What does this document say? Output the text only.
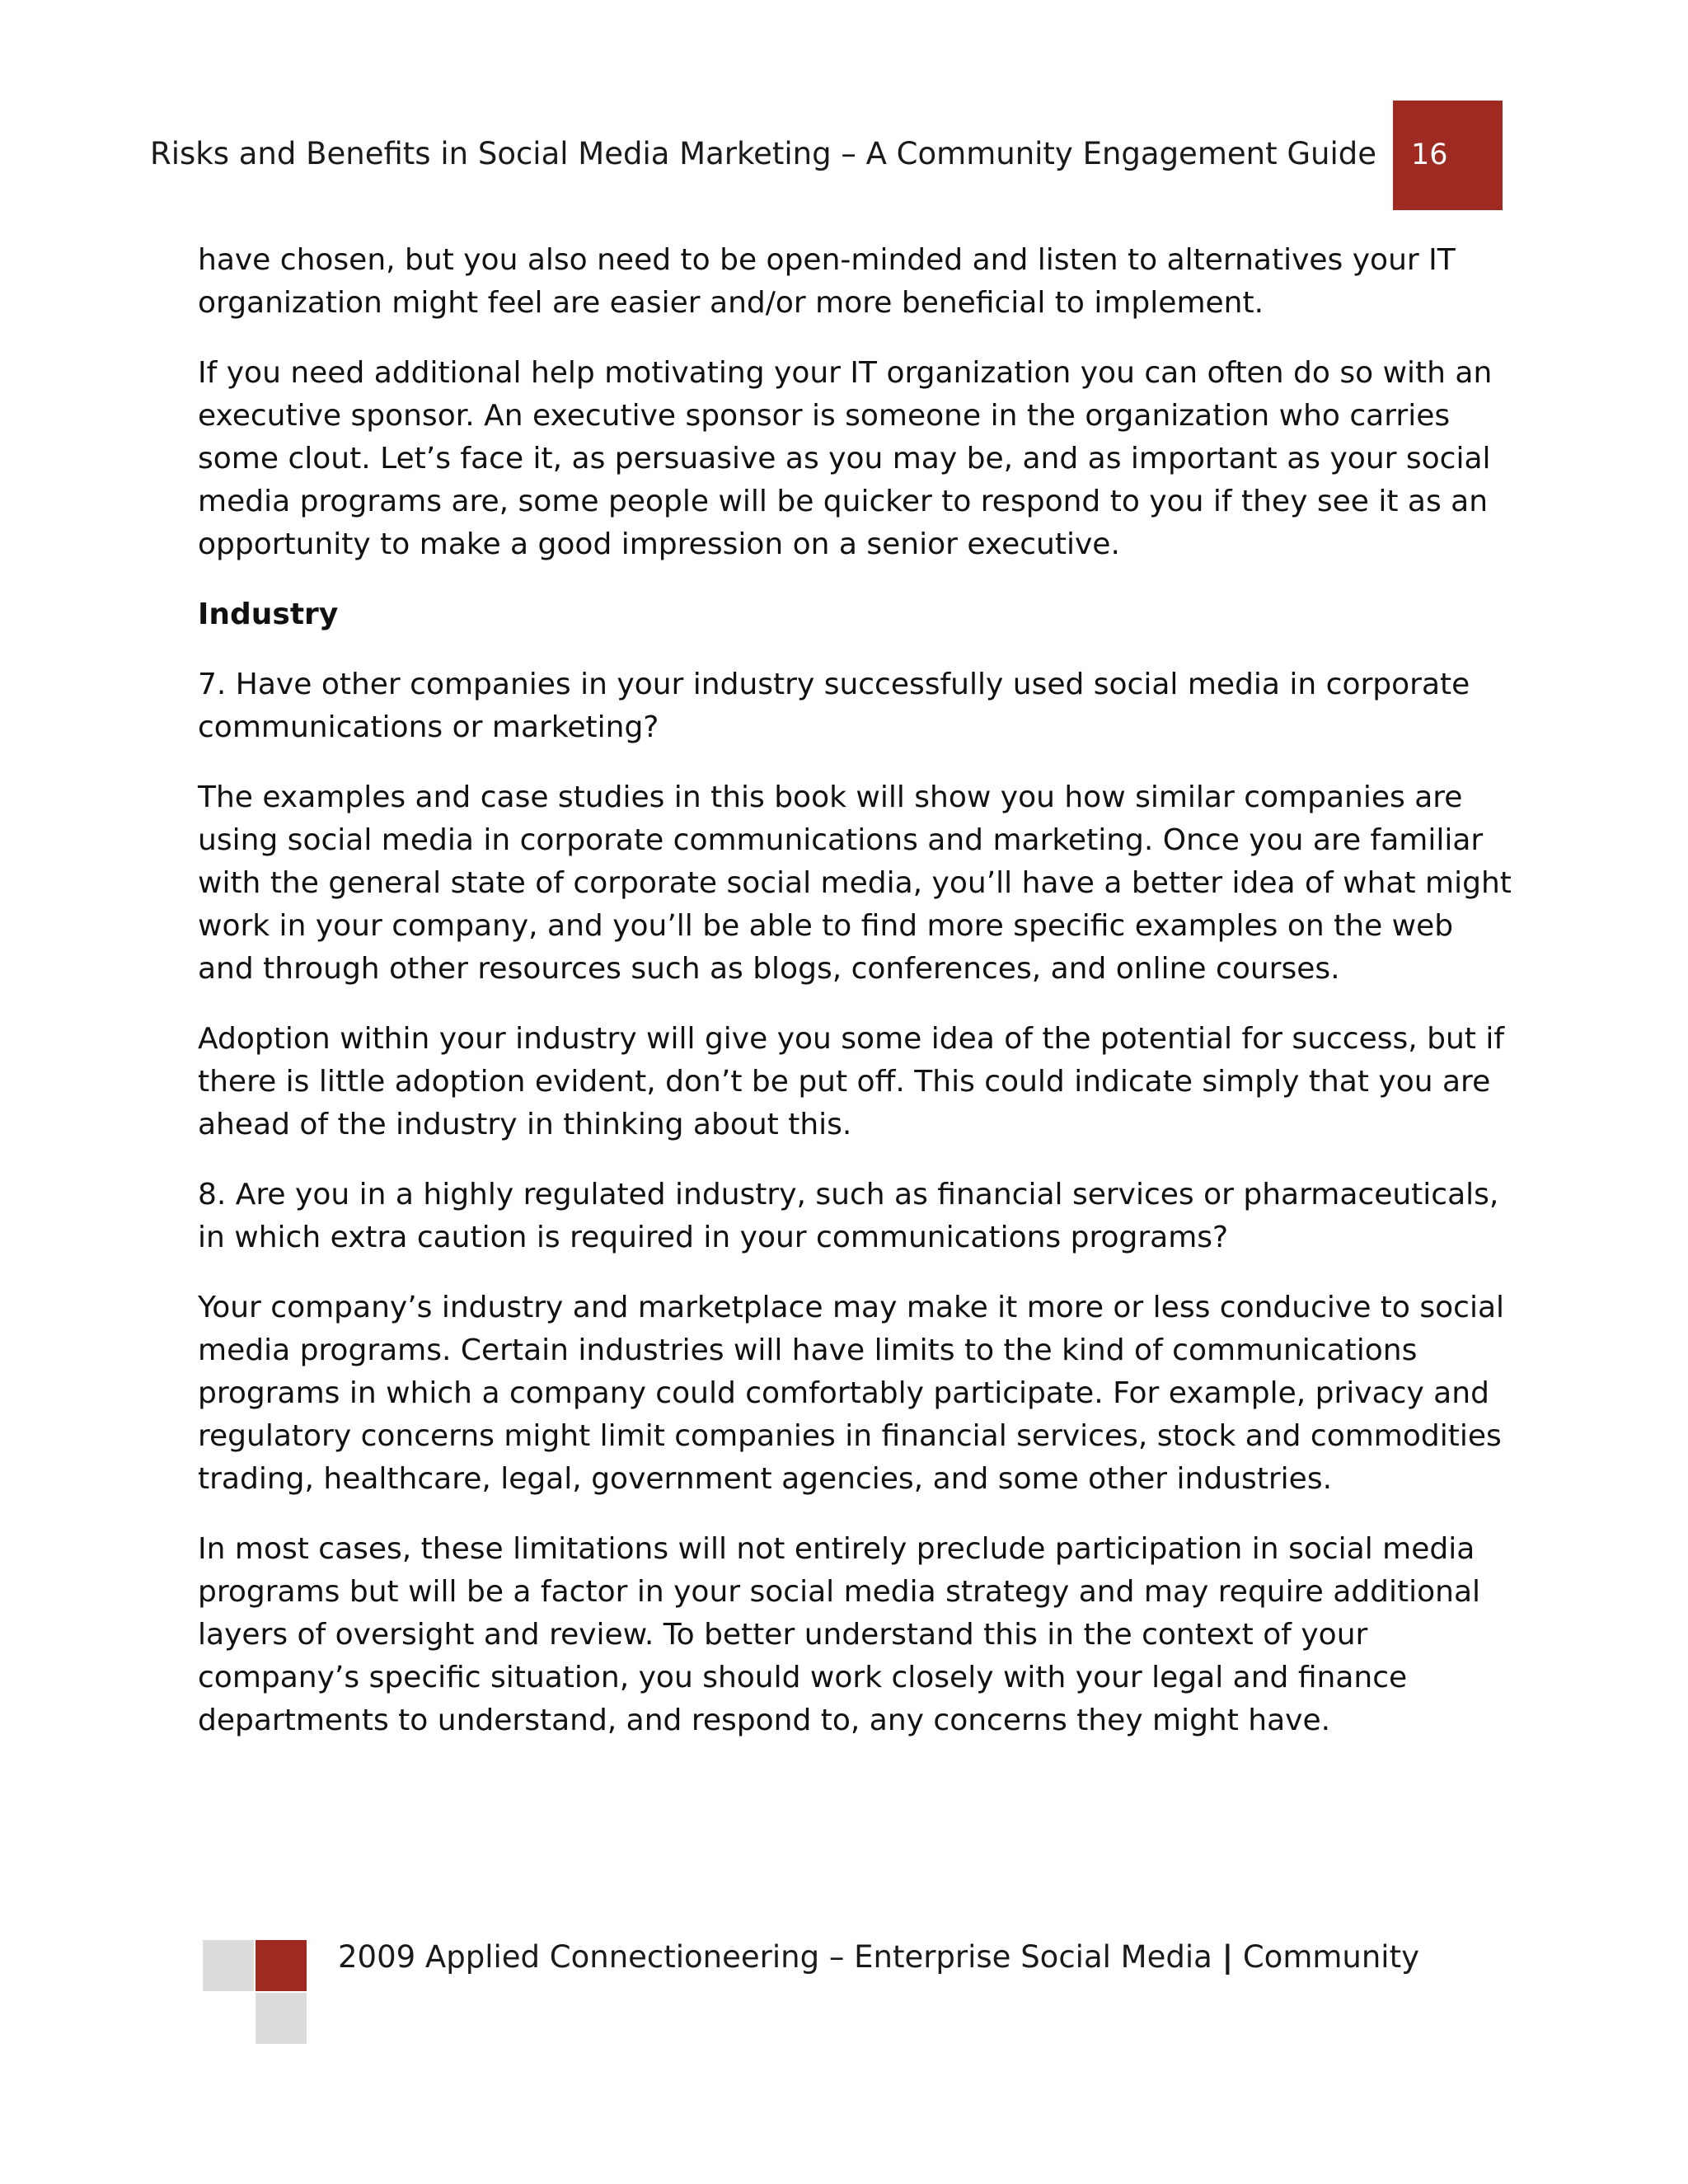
Risks and Benefits in Social Media Marketing – A Community Engagement Guide 16

have chosen, but you also need to be open-minded and listen to alternatives your IT organization might feel are easier and/or more beneficial to implement.

If you need additional help motivating your IT organization you can often do so with an executive sponsor. An executive sponsor is someone in the organization who carries some clout. Let’s face it, as persuasive as you may be, and as important as your social media programs are, some people will be quicker to respond to you if they see it as an opportunity to make a good impression on a senior executive.

Industry

7. Have other companies in your industry successfully used social media in corporate communications or marketing?

The examples and case studies in this book will show you how similar companies are using social media in corporate communications and marketing. Once you are familiar with the general state of corporate social media, you’ll have a better idea of what might work in your company, and you’ll be able to find more specific examples on the web and through other resources such as blogs, conferences, and online courses.

Adoption within your industry will give you some idea of the potential for success, but if there is little adoption evident, don’t be put off. This could indicate simply that you are ahead of the industry in thinking about this.

8. Are you in a highly regulated industry, such as financial services or pharmaceuticals, in which extra caution is required in your communications programs?

Your company’s industry and marketplace may make it more or less conducive to social media programs. Certain industries will have limits to the kind of communications programs in which a company could comfortably participate. For example, privacy and regulatory concerns might limit companies in financial services, stock and commodities trading, healthcare, legal, government agencies, and some other industries.

In most cases, these limitations will not entirely preclude participation in social media programs but will be a factor in your social media strategy and may require additional layers of oversight and review. To better understand this in the context of your company’s specific situation, you should work closely with your legal and finance departments to understand, and respond to, any concerns they might have.

2009 Applied Connectioneering – Enterprise Social Media | Community
